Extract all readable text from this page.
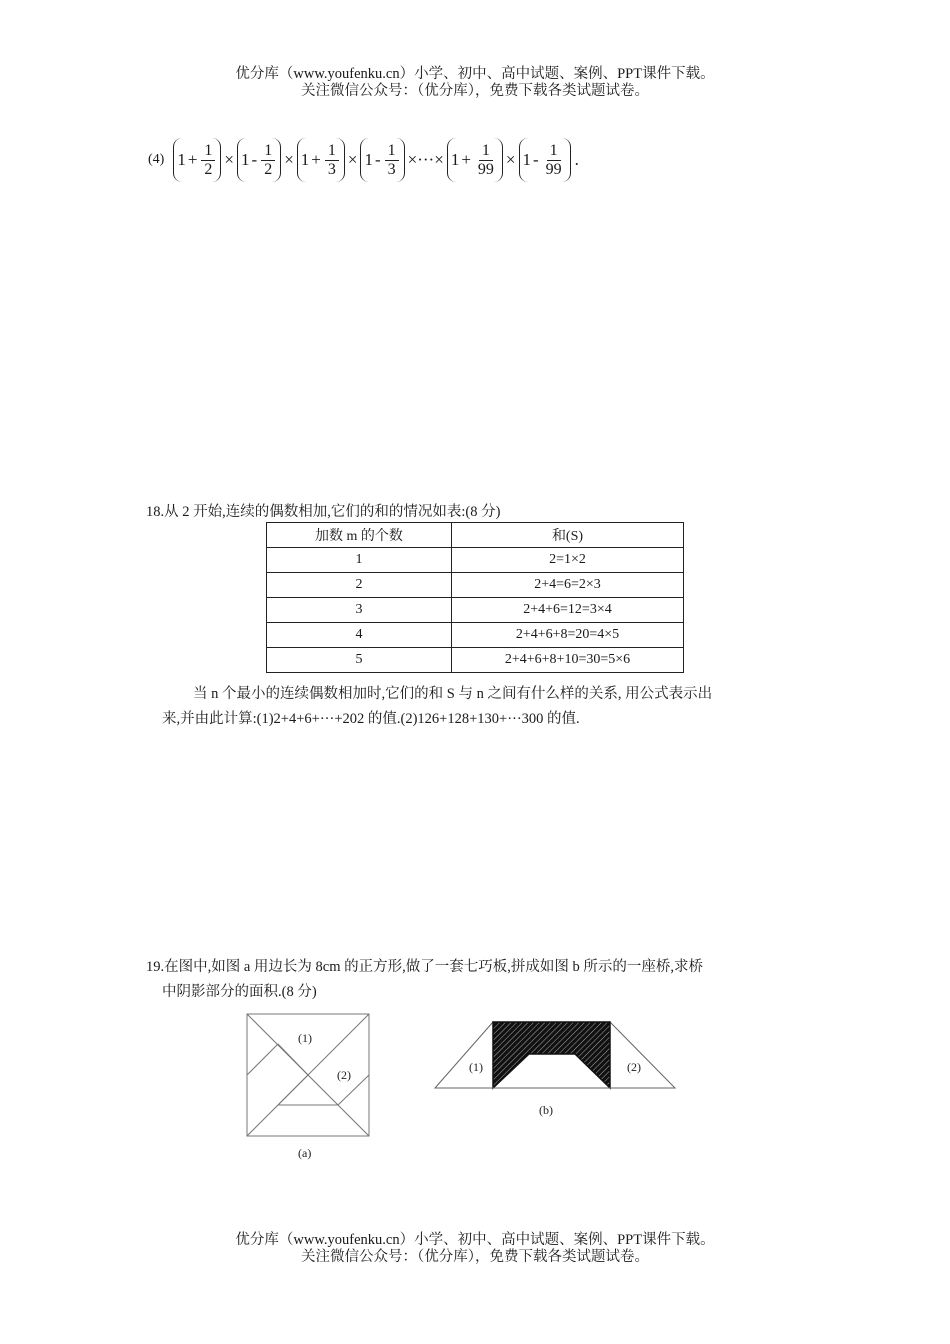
优分库（www.youfenku.cn）小学、初中、高中试题、案例、PPT课件下载。
关注微信公众号：（优分库），免费下载各类试题试卷。
(4) $1 + \frac{1}{2} \times 1 - \frac{1}{2} \times 1 + \frac{1}{3} \times 1 - \frac{1}{3}$ ×···× $1 + \frac{1}{99} \times 1 - \frac{1}{99}$ .
18.从 2 开始,连续的偶数相加,它们的和的情况如表:(8 分)
加数 m 的个数	和(S)
1	2=1×2
2	2+4=6=2×3
3	2+4+6=12=3×4
4	2+4+6+8=20=4×5
5	2+4+6+8+10=30=5×6
当 n 个最小的连续偶数相加时,它们的和 S 与 n 之间有什么样的关系, 用公式表示出
来,并由此计算:(1)2+4+6+···+202 的值.(2)126+128+130+···300 的值.
19.在图中,如图 a 用边长为 8cm 的正方形,做了一套七巧板,拼成如图 b 所示的一座桥,求桥
中阴影部分的面积.(8 分)
(1)
(2)
(a)
(1)	(2)
(b)
优分库（www.youfenku.cn）小学、初中、高中试题、案例、PPT课件下载。
关注微信公众号：（优分库），免费下载各类试题试卷。
